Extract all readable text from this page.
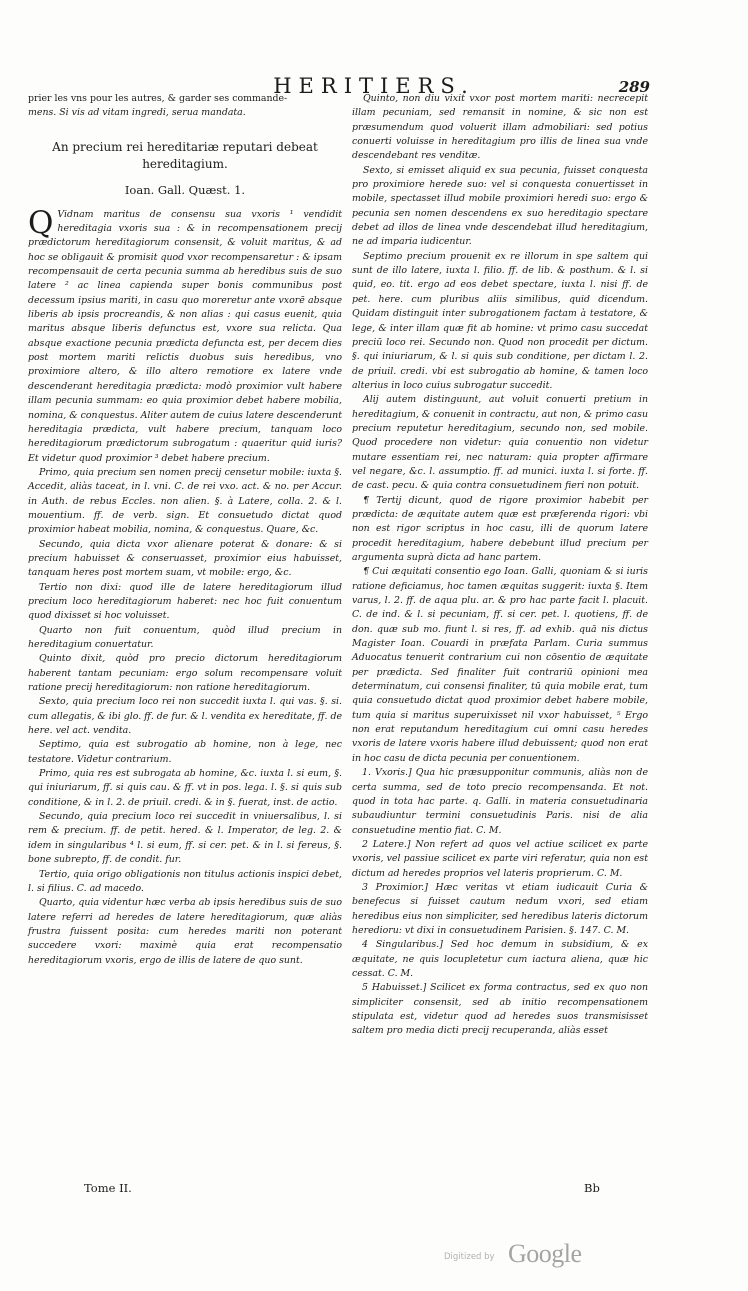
HERITIERS.	289

prier les vns pour les autres, & garder ses commande-

mens. Si vis ad vitam ingredi, serua mandata.

An precium rei hereditariæ reputari debeat hereditagium.
Ioan. Gall. Quæst. 1.

Q Vidnam maritus de consensu sua vxoris ¹ vendidit hereditagia vxoris sua : & in recompensationem precij prædictorum hereditagiorum consensit, & voluit maritus, & ad hoc se obligauit & promisit quod vxor recompensaretur : & ipsam recompensauit de certa pecunia summa ab heredibus suis de suo latere ² ac linea capienda super bonis communibus post decessum ipsius mariti, in casu quo moreretur ante vxorē absque liberis ab ipsis procreandis, & non alias : qui casus euenit, quia maritus absque liberis defunctus est, vxore sua relicta. Qua absque exactione pecunia prædicta defuncta est, per decem dies post mortem mariti relictis duobus suis heredibus, vno proximiore altero, & illo altero remotiore ex latere vnde descenderant hereditagia prædicta: modò proximior vult habere illam pecunia summam: eo quia proximior debet habere mobilia, nomina, & conquestus. Aliter autem de cuius latere descenderunt hereditagia prædicta, vult habere precium, tanquam loco hereditagiorum prædictorum subrogatum : quaeritur quid iuris? Et videtur quod proximior ³ debet habere precium.

Primo, quia precium sen nomen precij censetur mobile: iuxta §. Accedit, aliàs taceat, in l. vni. C. de rei vxo. act. & no. per Accur. in Auth. de rebus Eccles. non alien. §. à Latere, colla. 2. & l. mouentium. ff. de verb. sign. Et consuetudo dictat quod proximior habeat mobilia, nomina, & conquestus. Quare, &c.

Secundo, quia dicta vxor alienare poterat & donare: & si precium habuisset & conseruasset, proximior eius habuisset, tanquam heres post mortem suam, vt mobile: ergo, &c.

Tertio non dixi: quod ille de latere hereditagiorum illud precium loco hereditagiorum haberet: nec hoc fuit conuentum quod dixisset si hoc voluisset.

Quarto non fuit conuentum, quòd illud precium in hereditagium conuertatur.

Quinto dixit, quòd pro precio dictorum hereditagiorum haberent tantam pecuniam: ergo solum recompensare voluit ratione precij hereditagiorum: non ratione hereditagiorum.

Sexto, quia precium loco rei non succedit iuxta l. qui vas. §. si. cum allegatis, & ibi glo. ff. de fur. & l. vendita ex hereditate, ff. de here. vel act. vendita.

Septimo, quia est subrogatio ab homine, non à lege, nec testatore. Videtur contrarium.

Primo, quia res est subrogata ab homine, &c. iuxta l. si eum, §. qui iniuriarum, ff. si quis cau. & ff. vt in pos. lega. l. §. si quis sub conditione, & in l. 2. de priuil. credi. & in §. fuerat, inst. de actio.

Secundo, quia precium loco rei succedit in vniuersalibus, l. si rem & precium. ff. de petit. hered. & l. Imperator, de leg. 2. & idem in singularibus ⁴ l. si eum, ff. si cer. pet. & in l. si fereus, §. bone subrepto, ff. de condit. fur.

Tertio, quia origo obligationis non titulus actionis inspici debet, l. si filius. C. ad macedo.

Quarto, quia videntur hæc verba ab ipsis heredibus suis de suo latere referri ad heredes de latere hereditagiorum, quæ aliàs frustra fuissent posita: cum heredes mariti non poterant succedere vxori: maximè quia erat recompensatio hereditagiorum vxoris, ergo de illis de latere de quo sunt.

Quinto, non diu vixit vxor post mortem mariti: necrecepit illam pecuniam, sed remansit in nomine, & sic non est præsumendum quod voluerit illam admobiliari: sed potius conuerti voluisse in hereditagium pro illis de linea sua vnde descendebant res venditæ.

Sexto, si emisset aliquid ex sua pecunia, fuisset conquesta pro proximiore herede suo: vel si conquesta conuertisset in mobile, spectasset illud mobile proximiori heredi suo: ergo & pecunia sen nomen descendens ex suo hereditagio spectare debet ad illos de linea vnde descendebat illud hereditagium, ne ad imparia iudicentur.

Septimo precium prouenit ex re illorum in spe saltem qui sunt de illo latere, iuxta l. filio. ff. de lib. & posthum. & l. si quid, eo. tit. ergo ad eos debet spectare, iuxta l. nisi ff. de pet. here. cum pluribus aliis similibus, quid dicendum. Quidam distinguit inter subrogationem factam à testatore, & lege, & inter illam quæ fit ab homine: vt primo casu succedat preciū loco rei. Secundo non. Quod non procedit per dictum. §. qui iniuriarum, & l. si quis sub conditione, per dictam l. 2. de priuil. credi. vbi est subrogatio ab homine, & tamen loco alterius in loco cuius subrogatur succedit.

Alij autem distinguunt, aut voluit conuerti pretium in hereditagium, & conuenit in contractu, aut non, & primo casu precium reputetur hereditagium, secundo non, sed mobile. Quod procedere non videtur: quia conuentio non videtur mutare essentiam rei, nec naturam: quia propter affirmare vel negare, &c. l. assumptio. ff. ad munici. iuxta l. si forte. ff. de cast. pecu. & quia contra consuetudinem fieri non potuit.

¶ Tertij dicunt, quod de rigore proximior habebit per prædicta: de æquitate autem quæ est præferenda rigori: vbi non est rigor scriptus in hoc casu, illi de quorum latere procedit hereditagium, habere debebunt illud precium per argumenta suprà dicta ad hanc partem.

¶ Cui æquitati consentio ego Ioan. Galli, quoniam & si iuris ratione deficiamus, hoc tamen æquitas suggerit: iuxta §. Item varus, l. 2. ff. de aqua plu. ar. & pro hac parte facit l. placuit. C. de ind. & l. si pecuniam, ff. si cer. pet. l. quotiens, ff. de don. quæ sub mo. fiunt l. si res, ff. ad exhib. quā nis dictus Magister Ioan. Couardi in præfata Parlam. Curia summus Aduocatus tenuerit contrarium cui non cōsentio de æquitate per prædicta. Sed finaliter fuit contrariū opinioni mea determinatum, cui consensi finaliter, tū quia mobile erat, tum quia consuetudo dictat quod proximior debet habere mobile, tum quia si maritus superuixisset nil vxor habuisset, ⁵ Ergo non erat reputandum hereditagium cui omni casu heredes vxoris de latere vxoris habere illud debuissent; quod non erat in hoc casu de dicta pecunia per conuentionem.

1. Vxoris.] Qua hic præsupponitur communis, aliàs non de certa summa, sed de toto precio recompensanda. Et not. quod in tota hac parte. q. Galli. in materia consuetudinaria subaudiuntur termini consuetudinis Paris. nisi de alia consuetudine mentio fiat. C. M.

2 Latere.] Non refert ad quos vel actiue scilicet ex parte vxoris, vel passiue scilicet ex parte viri referatur, quia non est dictum ad heredes proprios vel lateris proprierum. C. M.

3 Proximior.] Hæc veritas vt etiam iudicauit Curia & benefecus si fuisset cautum nedum vxori, sed etiam heredibus eius non simpliciter, sed heredibus lateris dictorum heredioru: vt dixi in consuetudinem Parisien. §. 147. C. M.

4 Singularibus.] Sed hoc demum in subsidium, & ex æquitate, ne quis locupletetur cum iactura aliena, quæ hic cessat. C. M.

5 Habuisset.] Scilicet ex forma contractus, sed ex quo non simpliciter consensit, sed ab initio recompensationem stipulata est, videtur quod ad heredes suos transmisisset saltem pro media dicti precij recuperanda, aliàs esset

Tome II.	Bb
Digitized by Google
